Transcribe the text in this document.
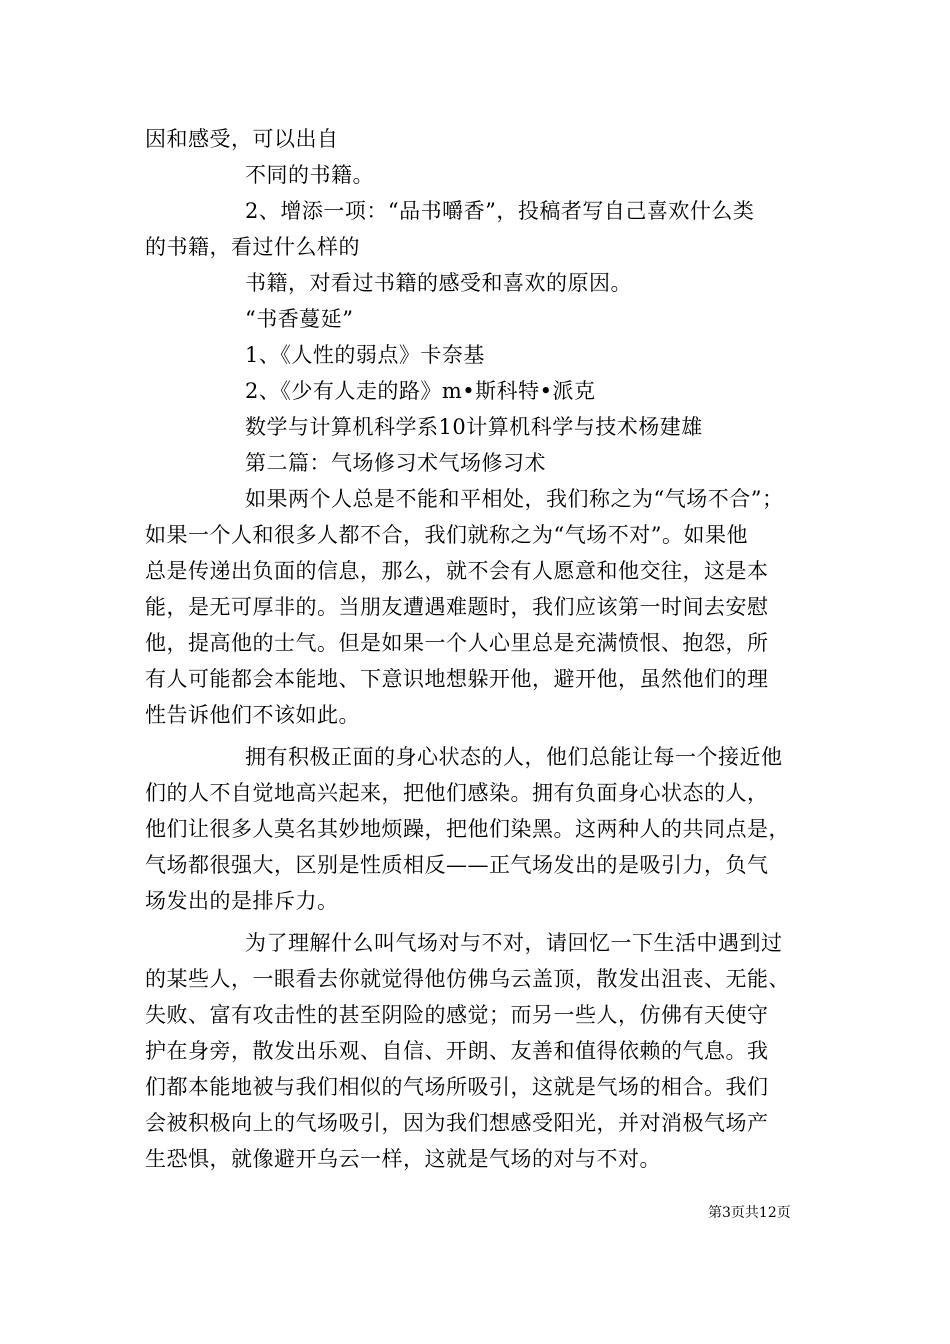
因和感受，可以出自
不同的书籍。
2、增添一项：“品书嚼香”，投稿者写自己喜欢什么类
的书籍，看过什么样的
书籍，对看过书籍的感受和喜欢的原因。
“书香蔓延”
1、《人性的弱点》卡奈基
2、《少有人走的路》m•斯科特•派克
数学与计算机科学系10计算机科学与技术杨建雄
第二篇：气场修习术气场修习术
如果两个人总是不能和平相处，我们称之为“气场不合”；
如果一个人和很多人都不合，我们就称之为“气场不对”。如果他
总是传递出负面的信息，那么，就不会有人愿意和他交往，这是本
能，是无可厚非的。当朋友遭遇难题时，我们应该第一时间去安慰
他，提高他的士气。但是如果一个人心里总是充满愤恨、抱怨，所
有人可能都会本能地、下意识地想躲开他，避开他，虽然他们的理
性告诉他们不该如此。
拥有积极正面的身心状态的人，他们总能让每一个接近他
们的人不自觉地高兴起来，把他们感染。拥有负面身心状态的人，
他们让很多人莫名其妙地烦躁，把他们染黑。这两种人的共同点是，
气场都很强大，区别是性质相反——正气场发出的是吸引力，负气
场发出的是排斥力。
为了理解什么叫气场对与不对，请回忆一下生活中遇到过
的某些人，一眼看去你就觉得他仿佛乌云盖顶，散发出沮丧、无能、
失败、富有攻击性的甚至阴险的感觉；而另一些人，仿佛有天使守
护在身旁，散发出乐观、自信、开朗、友善和值得依赖的气息。我
们都本能地被与我们相似的气场所吸引，这就是气场的相合。我们
会被积极向上的气场吸引，因为我们想感受阳光，并对消极气场产
生恐惧，就像避开乌云一样，这就是气场的对与不对。
第3页共12页
